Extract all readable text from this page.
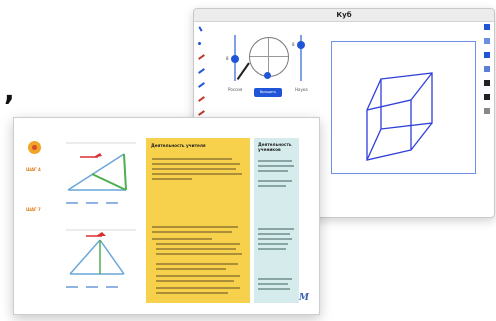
,
Куб
8
Россия
8
Наука
Вращать
ШАГ 4
ШАГ 7
Деятельность учителя	Деятельность учеников
M
